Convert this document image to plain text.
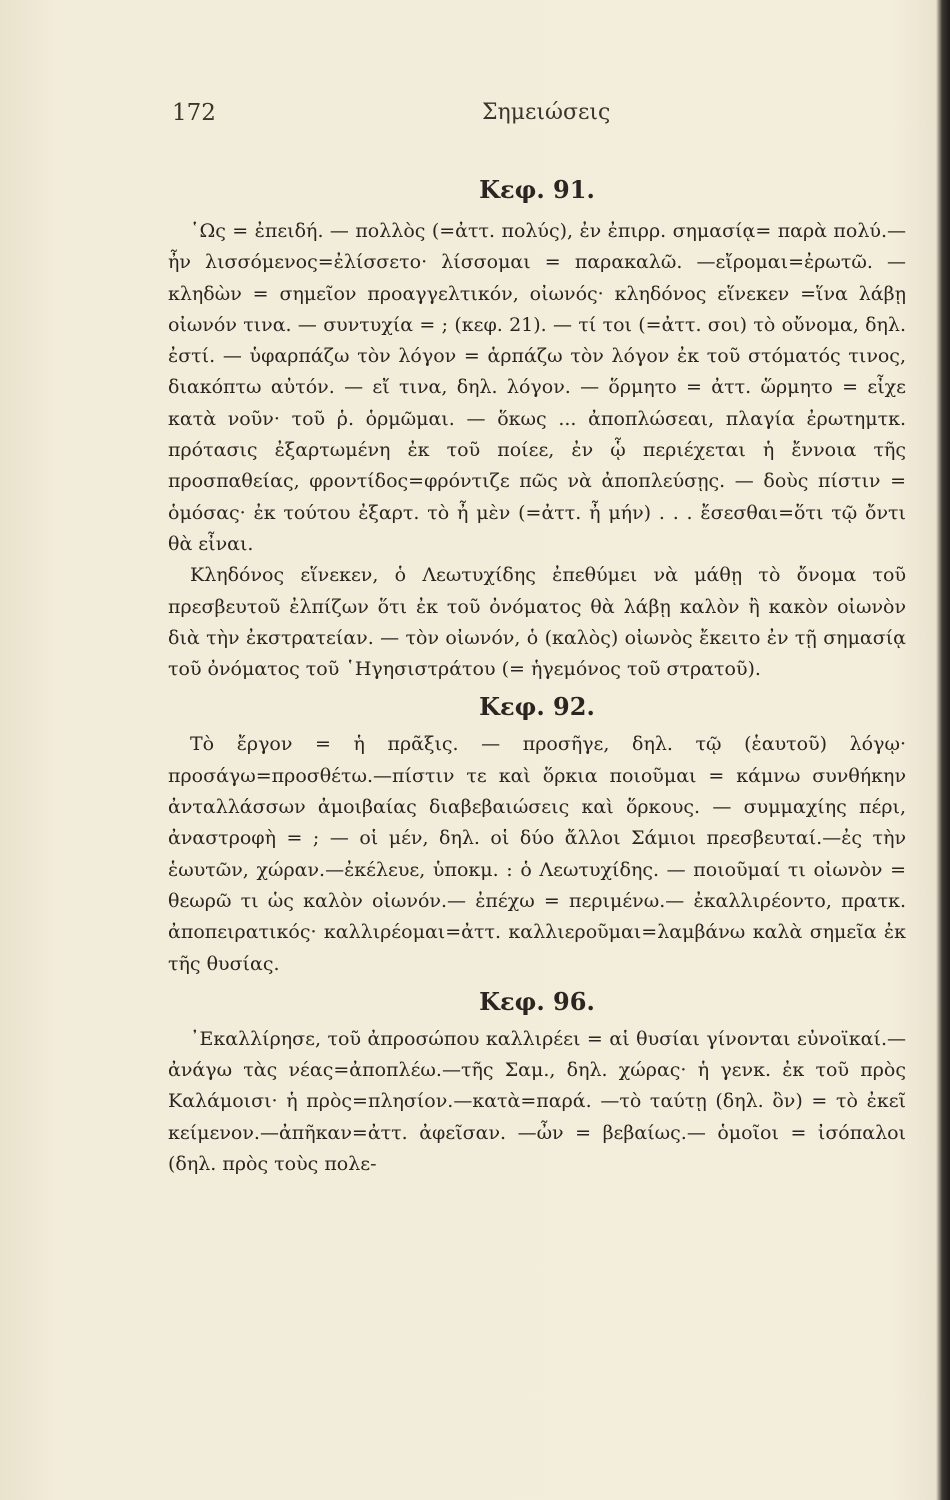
172	Σημειώσεις
Κεφ. 91.

῾Ως = ἐπειδή. — πολλὸς (=ἀττ. πολύς), ἐν ἐπιρρ. σημασίᾳ= παρὰ πολύ.—ἦν λισσόμενος=ἐλίσσετο· λίσσομαι = παρακαλῶ. —εἴρομαι=ἐρωτῶ. — κληδὼν = σημεῖον προαγγελτικόν, οἰωνός· κληδόνος εἵνεκεν =ἵνα λάβῃ οἰωνόν τινα. — συντυχία = ; (κεφ. 21). — τί τοι (=ἀττ. σοι) τὸ οὔνομα, δηλ. ἐστί. — ὑφαρπάζω τὸν λόγον = ἁρπάζω τὸν λόγον ἐκ τοῦ στόματός τινος, διακόπτω αὐτόν. — εἴ τινα, δηλ. λόγον. — ὅρμητο = ἀττ. ὥρμητο = εἶχε κατὰ νοῦν· τοῦ ῥ. ὁρμῶμαι. — ὅκως ... ἀποπλώσεαι, πλαγία ἐρωτημτκ. πρότασις ἐξαρτωμένη ἐκ τοῦ ποίεε, ἐν ᾧ περιέχεται ἡ ἔννοια τῆς προσπαθείας, φροντίδος=φρόντιζε πῶς νὰ ἀποπλεύσῃς. — δοὺς πίστιν = ὁμόσας· ἐκ τούτου ἐξαρτ. τὸ ἦ μὲν (=ἀττ. ἦ μήν) . . . ἔσεσθαι=ὅτι τῷ ὄντι θὰ εἶναι.

Κληδόνος εἵνεκεν, ὁ Λεωτυχίδης ἐπεθύμει νὰ μάθῃ τὸ ὄνομα τοῦ πρεσβευτοῦ ἐλπίζων ὅτι ἐκ τοῦ ὀνόματος θὰ λάβῃ καλὸν ἢ κακὸν οἰωνὸν διὰ τὴν ἐκστρατείαν. — τὸν οἰωνόν, ὁ (καλὸς) οἰωνὸς ἔκειτο ἐν τῇ σημασίᾳ τοῦ ὀνόματος τοῦ ῾Ηγησιστράτου (= ἡγεμόνος τοῦ στρατοῦ).

Κεφ. 92.

Τὸ ἔργον = ἡ πρᾶξις. — προσῆγε, δηλ. τῷ (ἑαυτοῦ) λόγῳ· προσάγω=προσθέτω.—πίστιν τε καὶ ὅρκια ποιοῦμαι = κάμνω συνθήκην ἀνταλλάσσων ἀμοιβαίας διαβεβαιώσεις καὶ ὅρκους. — συμμαχίης πέρι, ἀναστροφὴ = ; — οἱ μέν, δηλ. οἱ δύο ἄλλοι Σάμιοι πρεσβευταί.—ἐς τὴν ἑωυτῶν, χώραν.—ἐκέλευε, ὑποκμ. : ὁ Λεωτυχίδης. — ποιοῦμαί τι οἰωνὸν = θεωρῶ τι ὡς καλὸν οἰωνόν.— ἐπέχω = περιμένω.— ἐκαλλιρέοντο, πρατκ. ἀποπειρατικός· καλλιρέομαι=ἀττ. καλλιεροῦμαι=λαμβάνω καλὰ σημεῖα ἐκ τῆς θυσίας.

Κεφ. 96.

᾿Εκαλλίρησε, τοῦ ἀπροσώπου καλλιρέει = αἱ θυσίαι γίνονται εὐνοϊκαί.—ἀνάγω τὰς νέας=ἀποπλέω.—τῆς Σαμ., δηλ. χώρας· ἡ γενκ. ἐκ τοῦ πρὸς Καλάμοισι· ἡ πρὸς=πλησίον.—κατὰ=παρά. —τὸ ταύτῃ (δηλ. ὂν) = τὸ ἐκεῖ κείμενον.—ἀπῆκαν=ἀττ. ἀφεῖσαν. —ὦν = βεβαίως.— ὁμοῖοι = ἰσόπαλοι (δηλ. πρὸς τοὺς πολε-
